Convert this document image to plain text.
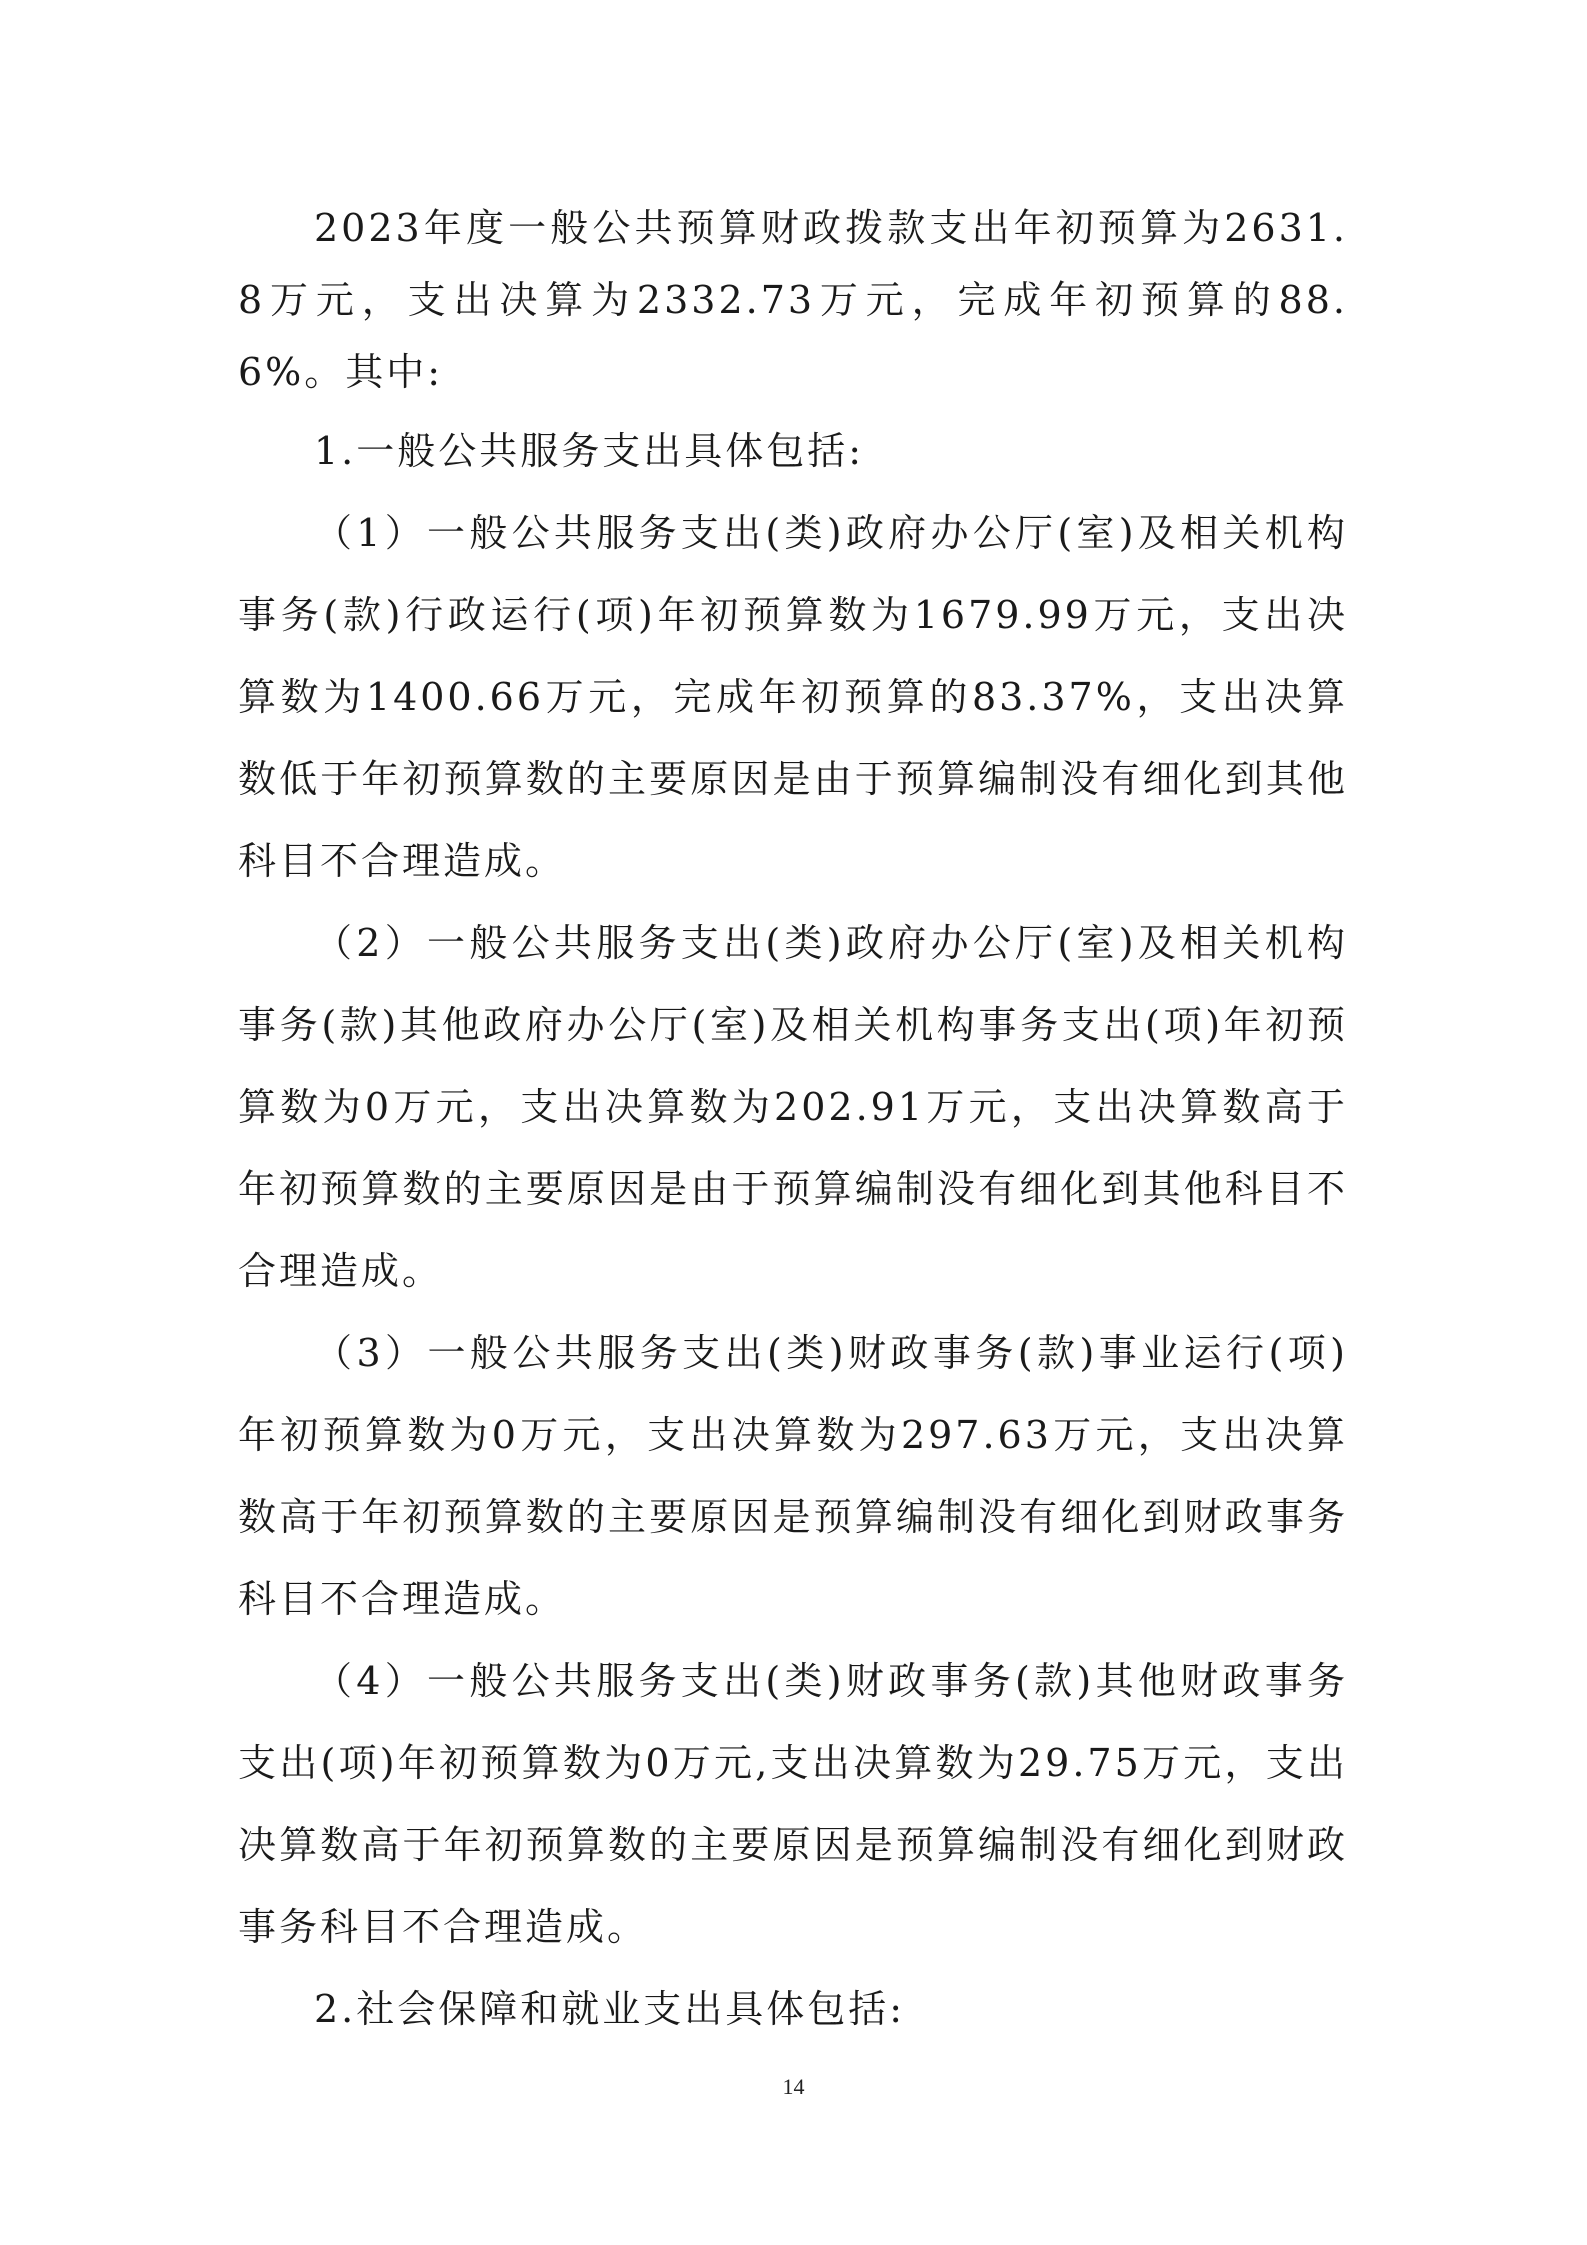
2023年度一般公共预算财政拨款支出年初预算为2631.8万元，支出决算为2332.73万元，完成年初预算的88.6%。其中:

1.一般公共服务支出具体包括:

（1）一般公共服务支出(类)政府办公厅(室)及相关机构事务(款)行政运行(项)年初预算数为1679.99万元，支出决算数为1400.66万元，完成年初预算的83.37%，支出决算数低于年初预算数的主要原因是由于预算编制没有细化到其他科目不合理造成。

（2）一般公共服务支出(类)政府办公厅(室)及相关机构事务(款)其他政府办公厅(室)及相关机构事务支出(项)年初预算数为0万元，支出决算数为202.91万元，支出决算数高于年初预算数的主要原因是由于预算编制没有细化到其他科目不合理造成。

（3）一般公共服务支出(类)财政事务(款)事业运行(项)年初预算数为0万元，支出决算数为297.63万元，支出决算数高于年初预算数的主要原因是预算编制没有细化到财政事务科目不合理造成。

（4）一般公共服务支出(类)财政事务(款)其他财政事务支出(项)年初预算数为0万元,支出决算数为29.75万元，支出决算数高于年初预算数的主要原因是预算编制没有细化到财政事务科目不合理造成。

2.社会保障和就业支出具体包括:

14
